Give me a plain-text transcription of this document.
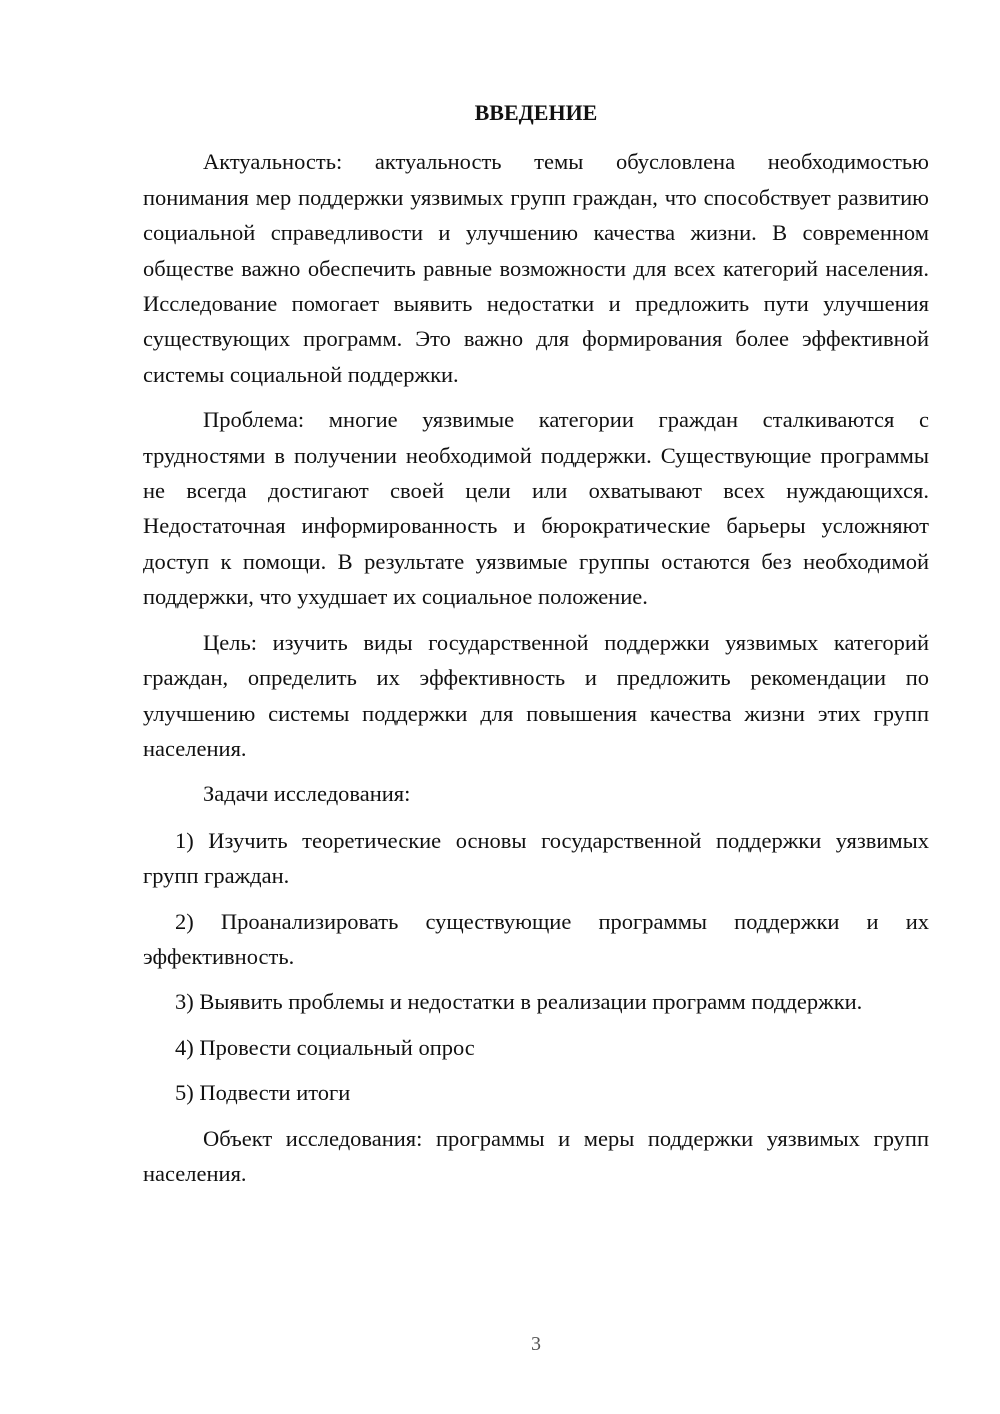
ВВЕДЕНИЕ

Актуальность: актуальность темы обусловлена необходимостью понимания мер поддержки уязвимых групп граждан, что способствует развитию социальной справедливости и улучшению качества жизни. В современном обществе важно обеспечить равные возможности для всех категорий населения. Исследование помогает выявить недостатки и предложить пути улучшения существующих программ. Это важно для формирования более эффективной системы социальной поддержки.

Проблема: многие уязвимые категории граждан сталкиваются с трудностями в получении необходимой поддержки. Существующие программы не всегда достигают своей цели или охватывают всех нуждающихся. Недостаточная информированность и бюрократические барьеры усложняют доступ к помощи. В результате уязвимые группы остаются без необходимой поддержки, что ухудшает их социальное положение.

Цель: изучить виды государственной поддержки уязвимых категорий граждан, определить их эффективность и предложить рекомендации по улучшению системы поддержки для повышения качества жизни этих групп населения.

Задачи исследования:

1) Изучить теоретические основы государственной поддержки уязвимых групп граждан.

2) Проанализировать существующие программы поддержки и их эффективность.

3) Выявить проблемы и недостатки в реализации программ поддержки.

4) Провести социальный опрос

5) Подвести итоги

Объект исследования: программы и меры поддержки уязвимых групп населения.

3
